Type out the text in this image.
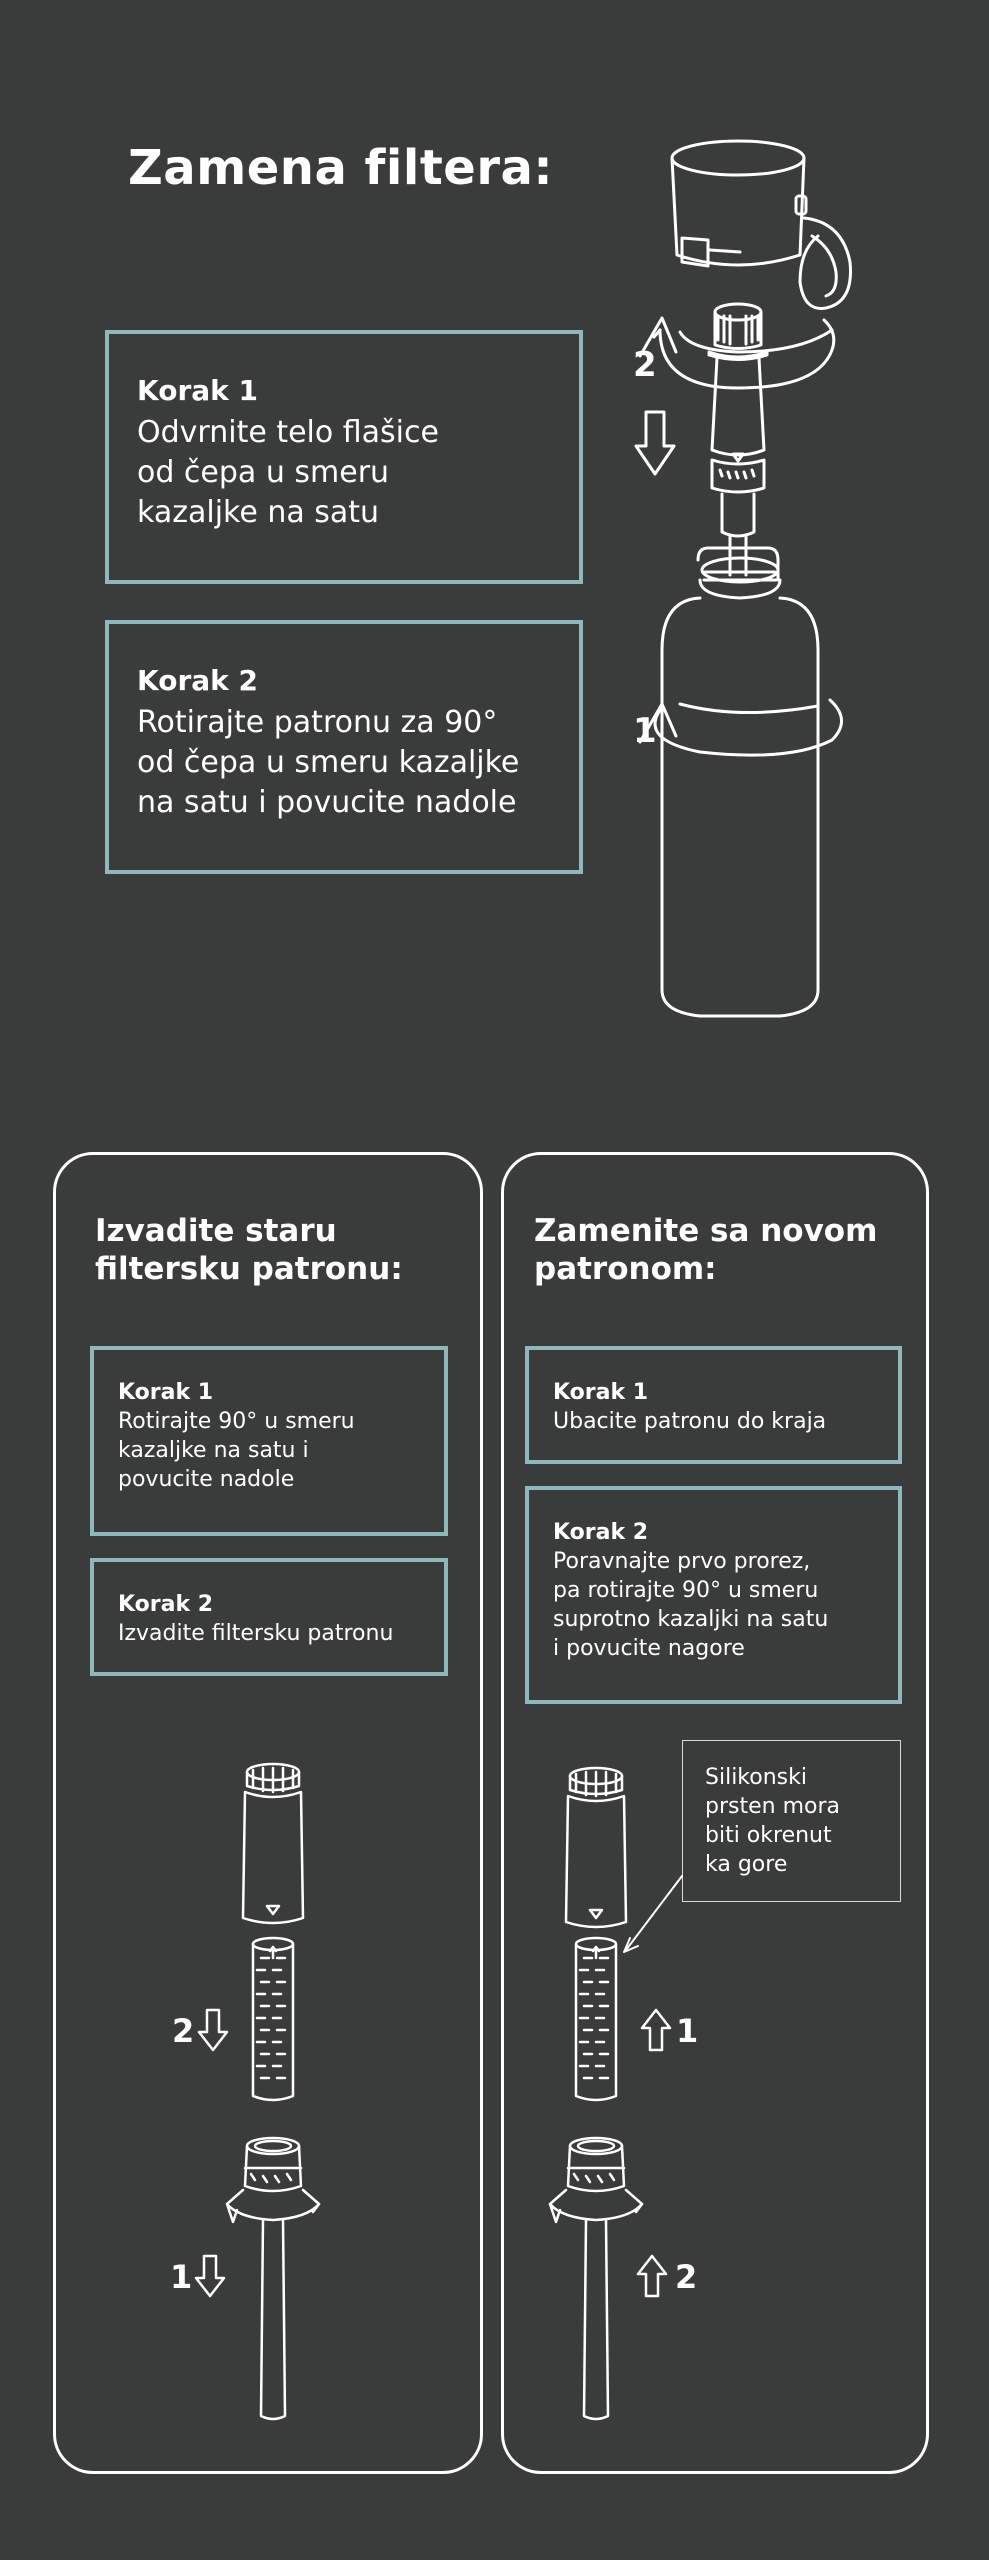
Zamena filtera:
Korak 1
Odvrnite telo flašice
od čepa u smeru
kazaljke na satu
Korak 2
Rotirajte patronu za 90°
od čepa u smeru kazaljke
na satu i povucite nadole
2
1
Izvadite staru
filtersku patronu:
Korak 1
Rotirajte 90° u smeru
kazaljke na satu i
povucite nadole
Korak 2
Izvadite filtersku patronu
Zamenite sa novom
patronom:
Korak 1
Ubacite patronu do kraja
Korak 2
Poravnajte prvo prorez,
pa rotirajte 90° u smeru
suprotno kazaljki na satu
i povucite nagore
Silikonski
prsten mora
biti okrenut
ka gore
2
1
1
2
